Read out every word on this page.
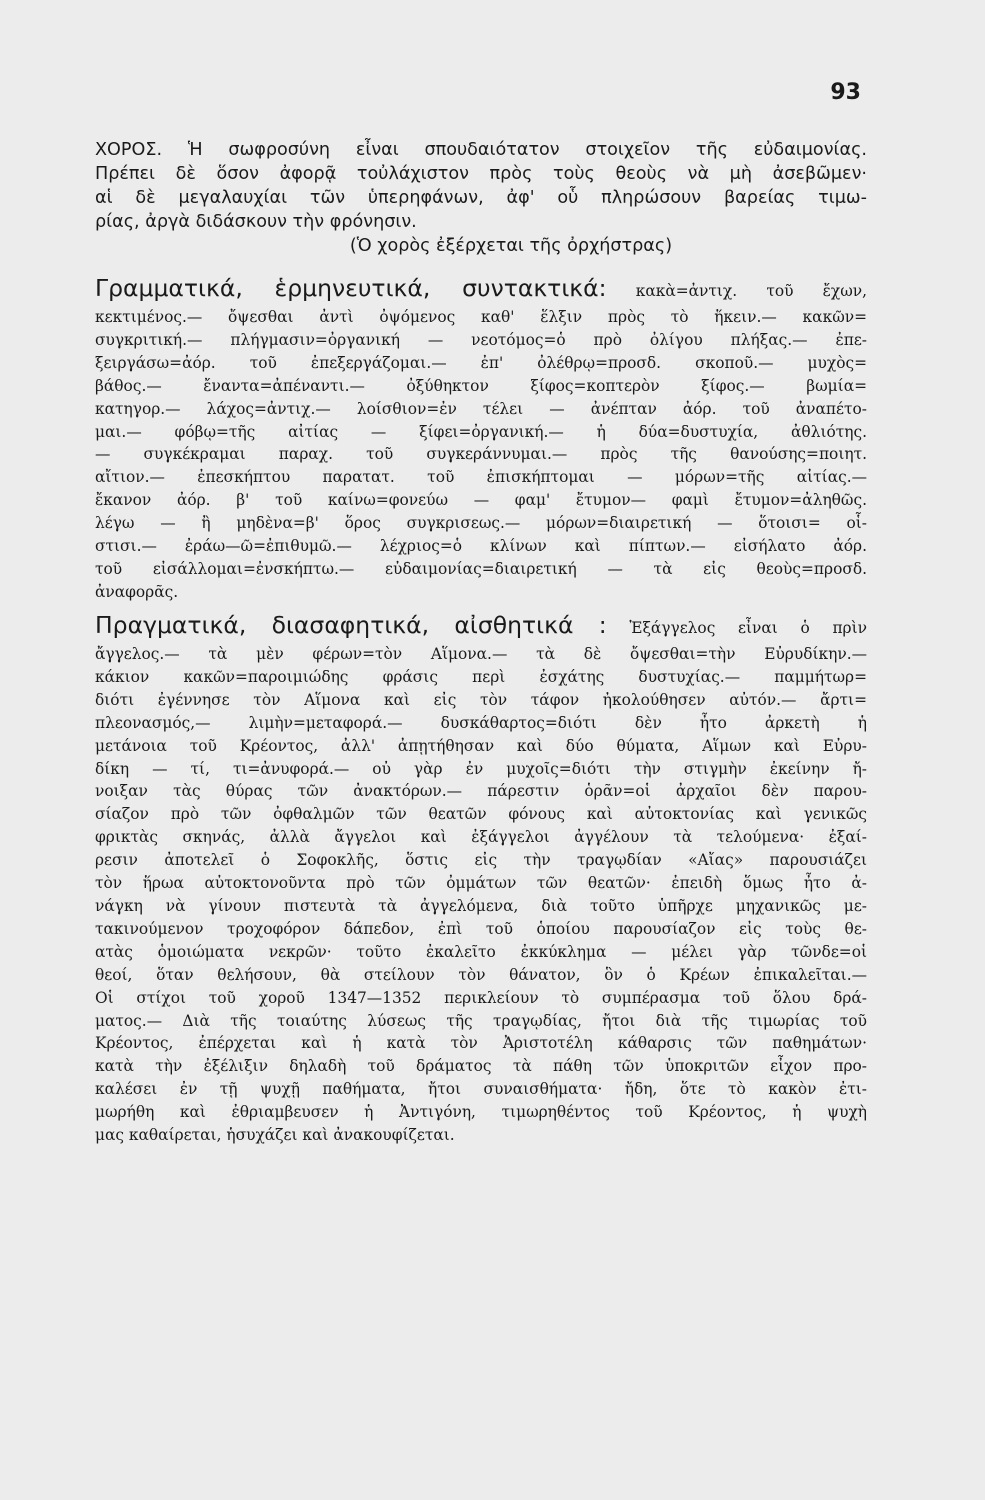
93
ΧΟΡΟΣ. Ἡ σωφροσύνη εἶναι σπουδαιότατον στοιχεῖον τῆς εὐδαιμονίας.
Πρέπει δὲ ὅσον ἀφορᾷ τοὐλάχιστον πρὸς τοὺς θεοὺς νὰ μὴ ἀσεβῶμεν·
αἱ δὲ μεγαλαυχίαι τῶν ὑπερηφάνων, ἀφ' οὗ πληρώσουν βαρείας τιμω-
ρίας, ἀργὰ διδάσκουν τὴν φρόνησιν.
(Ὁ χορὸς ἐξέρχεται τῆς ὀρχήστρας)
Γραμματικά, ἑρμηνευτικά, συντακτικά: κακὰ=ἀντιχ. τοῦ ἔχων,
κεκτιμένος.— ὄψεσθαι ἀντὶ ὀψόμενος καθ' ἕλξιν πρὸς τὸ ἥκειν.— κακῶν=
συγκριτική.— πλήγμασιν=ὀργανική — νεοτόμος=ὁ πρὸ ὀλίγου πλήξας.— ἐπε-
ξειργάσω=ἀόρ. τοῦ ἐπεξεργάζομαι.— ἐπ' ὀλέθρῳ=προσδ. σκοποῦ.— μυχὸς=
βάθος.— ἔναντα=ἀπέναντι.— ὀξύθηκτον ξίφος=κοπτερὸν ξίφος.— βωμία=
κατηγορ.— λάχος=ἀντιχ.— λοίσθιον=ἐν τέλει — ἀνέπταν ἀόρ. τοῦ ἀναπέτο-
μαι.— φόβῳ=τῆς αἰτίας — ξίφει=ὀργανική.— ἡ δύα=δυστυχία, ἀθλιότης.
— συγκέκραμαι παραχ. τοῦ συγκεράννυμαι.— πρὸς τῆς θανούσης=ποιητ.
αἴτιον.— ἐπεσκήπτου παρατατ. τοῦ ἐπισκήπτομαι — μόρων=τῆς αἰτίας.—
ἔκανον ἀόρ. β' τοῦ καίνω=φονεύω — φαμ' ἔτυμον— φαμὶ ἔτυμον=ἀληθῶς.
λέγω — ἢ μηδὲνα=β' ὅρος συγκρισεως.— μόρων=διαιρετική — ὅτοισι= οἷ-
στισι.— ἐράω—ῶ=ἐπιθυμῶ.— λέχριος=ὁ κλίνων καὶ πίπτων.— εἰσήλατο ἀόρ.
τοῦ εἰσάλλομαι=ἐνσκήπτω.— εὐδαιμονίας=διαιρετική — τὰ εἰς θεοὺς=προσδ.
ἀναφορᾶς.
Πραγματικά, διασαφητικά, αἰσθητικά : Ἐξάγγελος εἶναι ὁ πρὶν
ἄγγελος.— τὰ μὲν φέρων=τὸν Αἵμονα.— τὰ δὲ ὄψεσθαι=τὴν Εὐρυδίκην.—
κάκιον κακῶν=παροιμιώδης φράσις περὶ ἐσχάτης δυστυχίας.— παμμήτωρ=
διότι ἐγέννησε τὸν Αἵμονα καὶ εἰς τὸν τάφον ἠκολούθησεν αὐτόν.— ἄρτι=
πλεονασμός,— λιμὴν=μεταφορά.— δυσκάθαρτος=διότι δὲν ἦτο ἀρκετὴ ἡ
μετάνοια τοῦ Κρέοντος, ἀλλ' ἀπῃτήθησαν καὶ δύο θύματα, Αἵμων καὶ Εὐρυ-
δίκη — τί, τι=ἀνυφορά.— οὐ γὰρ ἐν μυχοῖς=διότι τὴν στιγμὴν ἐκείνην ἤ-
νοιξαν τὰς θύρας τῶν ἀνακτόρων.— πάρεστιν ὁρᾶν=οἱ ἀρχαῖοι δὲν παρου-
σίαζον πρὸ τῶν ὀφθαλμῶν τῶν θεατῶν φόνους καὶ αὐτοκτονίας καὶ γενικῶς
φρικτὰς σκηνάς, ἀλλὰ ἄγγελοι καὶ ἐξάγγελοι ἀγγέλουν τὰ τελούμενα· ἐξαί-
ρεσιν ἀποτελεῖ ὁ Σοφοκλῆς, ὅστις εἰς τὴν τραγῳδίαν «Αἴας» παρουσιάζει
τὸν ἥρωα αὐτοκτονοῦντα πρὸ τῶν ὀμμάτων τῶν θεατῶν· ἐπειδὴ ὅμως ἦτο ἀ-
νάγκη νὰ γίνουν πιστευτὰ τὰ ἀγγελόμενα, διὰ τοῦτο ὑπῆρχε μηχανικῶς με-
τακινούμενον τροχοφόρον δάπεδον, ἐπὶ τοῦ ὁποίου παρουσίαζον εἰς τοὺς θε-
ατὰς ὁμοιώματα νεκρῶν· τοῦτο ἐκαλεῖτο ἐκκύκλημα — μέλει γὰρ τῶνδε=οἱ
θεοί, ὅταν θελήσουν, θὰ στείλουν τὸν θάνατον, ὃν ὁ Κρέων ἐπικαλεῖται.—
Οἱ στίχοι τοῦ χοροῦ 1347—1352 περικλείουν τὸ συμπέρασμα τοῦ ὅλου δρά-
ματος.— Διὰ τῆς τοιαύτης λύσεως τῆς τραγῳδίας, ἤτοι διὰ τῆς τιμωρίας τοῦ
Κρέοντος, ἐπέρχεται καὶ ἡ κατὰ τὸν Ἀριστοτέλη κάθαρσις τῶν παθημάτων·
κατὰ τὴν ἐξέλιξιν δηλαδὴ τοῦ δράματος τὰ πάθη τῶν ὑποκριτῶν εἶχον προ-
καλέσει ἐν τῇ ψυχῇ παθήματα, ἤτοι συναισθήματα· ἤδη, ὅτε τὸ κακὸν ἐτι-
μωρήθη καὶ ἐθριαμβευσεν ἡ Ἀντιγόνη, τιμωρηθέντος τοῦ Κρέοντος, ἡ ψυχὴ
μας καθαίρεται, ἡσυχάζει καὶ ἀνακουφίζεται.
